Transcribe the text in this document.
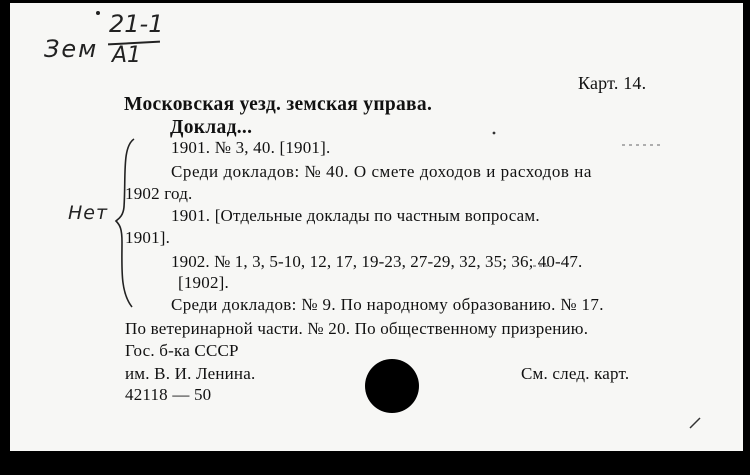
Зем
21-1
А1
Карт. 14.
Московская уезд. земская управа.
Доклад...
1901. № 3, 40. [1901].
Среди докладов: № 40. О смете доходов и расходов на
1902 год.
1901. [Отдельные доклады по частным вопросам.
1901].
1902. № 1, 3, 5-10, 12, 17, 19-23, 27-29, 32, 35; 36; 40-47.
[1902].
Среди докладов: № 9. По народному образованию. № 17.
По ветеринарной части. № 20. По общественному призрению.
Гос. б-ка СССР
им. В. И. Ленина.
42118 — 50
См. след. карт.
Нет
